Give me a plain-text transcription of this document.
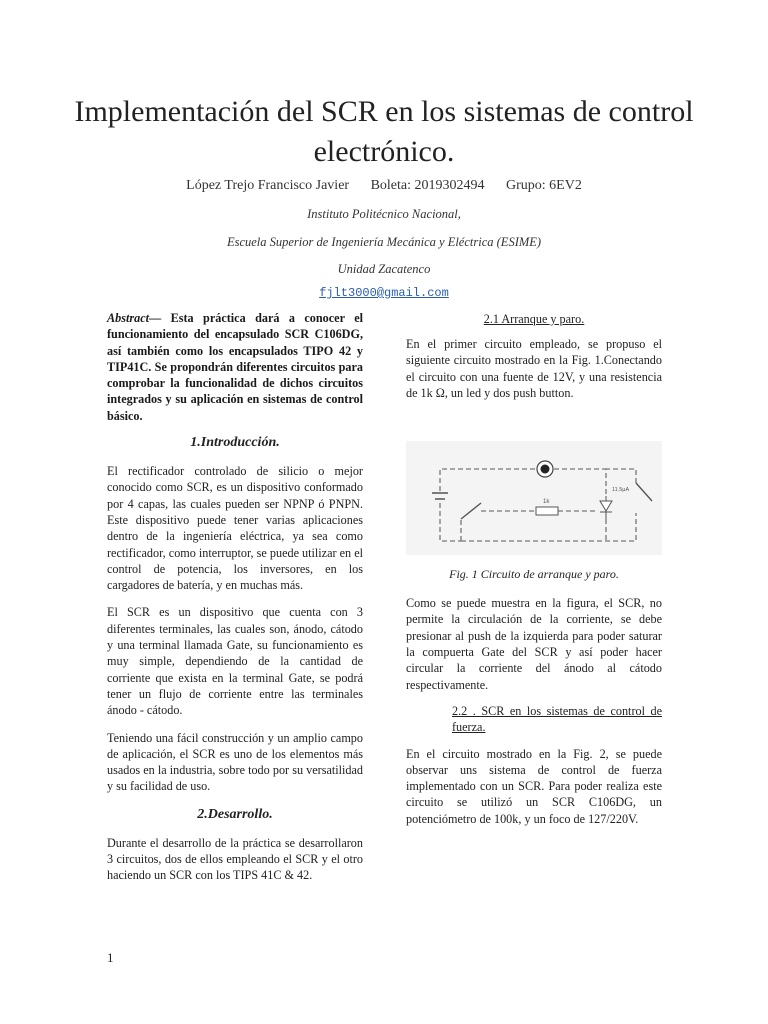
Implementación del SCR en los sistemas de control electrónico.
López Trejo Francisco Javier Boleta: 2019302494 Grupo: 6EV2
Instituto Politécnico Nacional,
Escuela Superior de Ingeniería Mecánica y Eléctrica (ESIME)
Unidad Zacatenco
fjlt3000@gmail.com

Abstract— Esta práctica dará a conocer el funcionamiento del encapsulado SCR C106DG, así también como los encapsulados TIPO 42 y TIP41C. Se propondrán diferentes circuitos para comprobar la funcionalidad de dichos circuitos integrados y su aplicación en sistemas de control básico.

1.Introducción.

El rectificador controlado de silicio o mejor conocido como SCR, es un dispositivo conformado por 4 capas, las cuales pueden ser NPNP ó PNPN. Este dispositivo puede tener varias aplicaciones dentro de la ingeniería eléctrica, ya sea como rectificador, como interruptor, se puede utilizar en el control de potencia, los inversores, en los cargadores de batería, y en muchas más.

El SCR es un dispositivo que cuenta con 3 diferentes terminales, las cuales son, ánodo, cátodo y una terminal llamada Gate, su funcionamiento es muy simple, dependiendo de la cantidad de corriente que exista en la terminal Gate, se podrá tener un flujo de corriente entre las terminales ánodo - cátodo.

Teniendo una fácil construcción y un amplio campo de aplicación, el SCR es uno de los elementos más usados en la industria, sobre todo por su versatilidad y su facilidad de uso.

2.Desarrollo.

Durante el desarrollo de la práctica se desarrollaron 3 circuitos, dos de ellos empleando el SCR y el otro haciendo un SCR con los TIPS 41C & 42.

2.1 Arranque y paro.

En el primer circuito empleado, se propuso el siguiente circuito mostrado en la Fig. 1.Conectando el circuito con una fuente de 12V, y una resistencia de 1k Ω, un led y dos push button.

1k
11.5µA

Fig. 1 Circuito de arranque y paro.

Como se puede muestra en la figura, el SCR, no permite la circulación de la corriente, se debe presionar al push de la izquierda para poder saturar la compuerta Gate del SCR y así poder hacer circular la corriente del ánodo al cátodo respectivamente.

2.2 . SCR en los sistemas de control de fuerza.

En el circuito mostrado en la Fig. 2, se puede observar uns sistema de control de fuerza implementado con un SCR. Para poder realiza este circuito se utilizó un SCR C106DG, un potenciómetro de 100k, y un foco de 127/220V.

1
